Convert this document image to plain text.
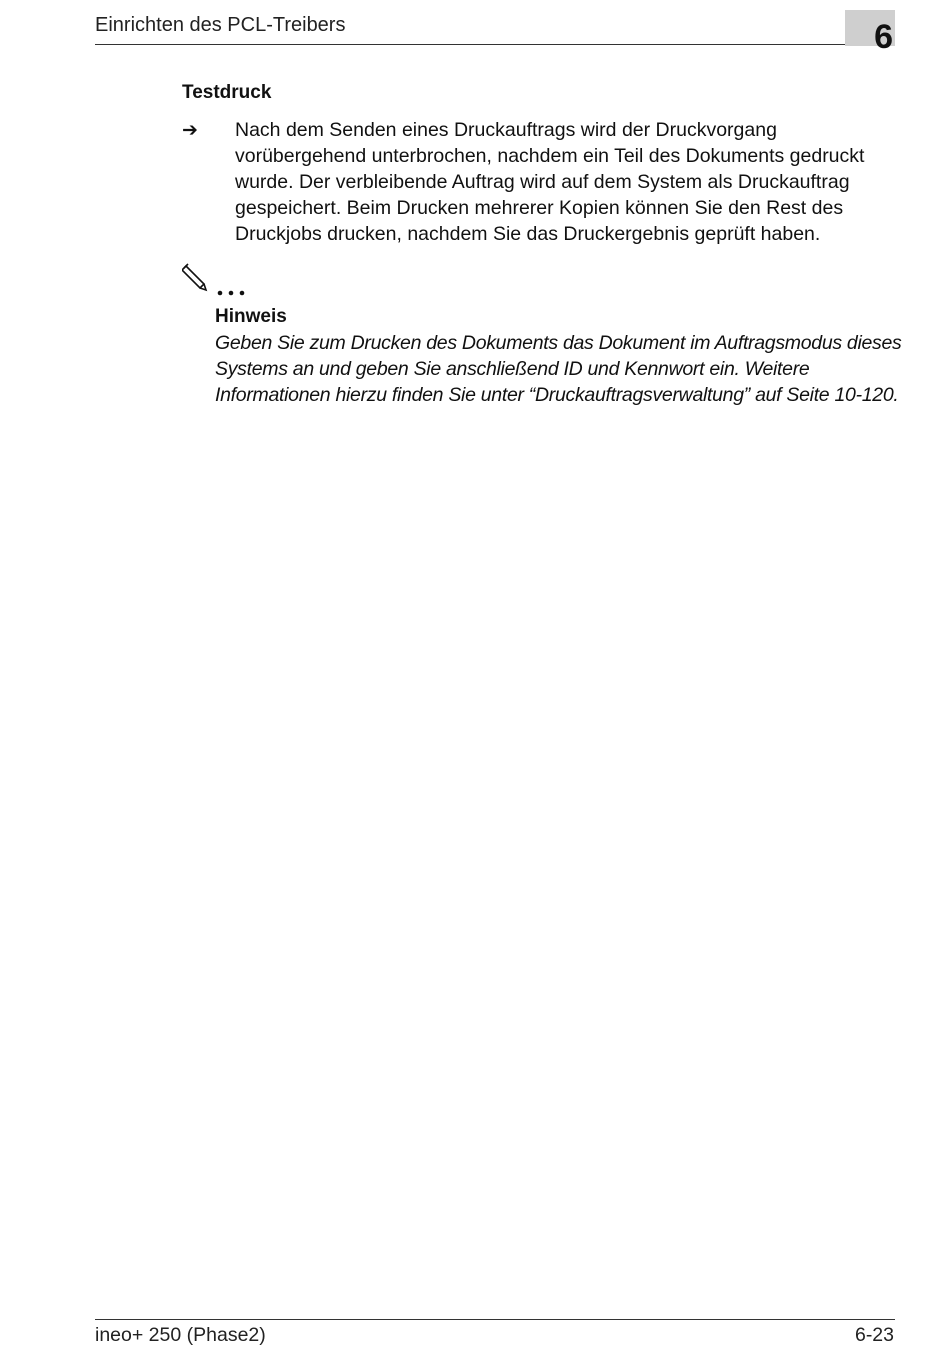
Einrichten des PCL-Treibers	6
Testdruck
➔ Nach dem Senden eines Druckauftrags wird der Druckvorgang vorübergehend unterbrochen, nachdem ein Teil des Dokuments gedruckt wurde. Der verbleibende Auftrag wird auf dem System als Druckauftrag gespeichert. Beim Drucken mehrerer Kopien können Sie den Rest des Druckjobs drucken, nachdem Sie das Druckergebnis geprüft haben.
Hinweis
Geben Sie zum Drucken des Dokuments das Dokument im Auftragsmodus dieses Systems an und geben Sie anschließend ID und Kennwort ein. Weitere Informationen hierzu finden Sie unter “Druckauftragsverwaltung” auf Seite 10-120.
ineo+ 250 (Phase2)	6-23
